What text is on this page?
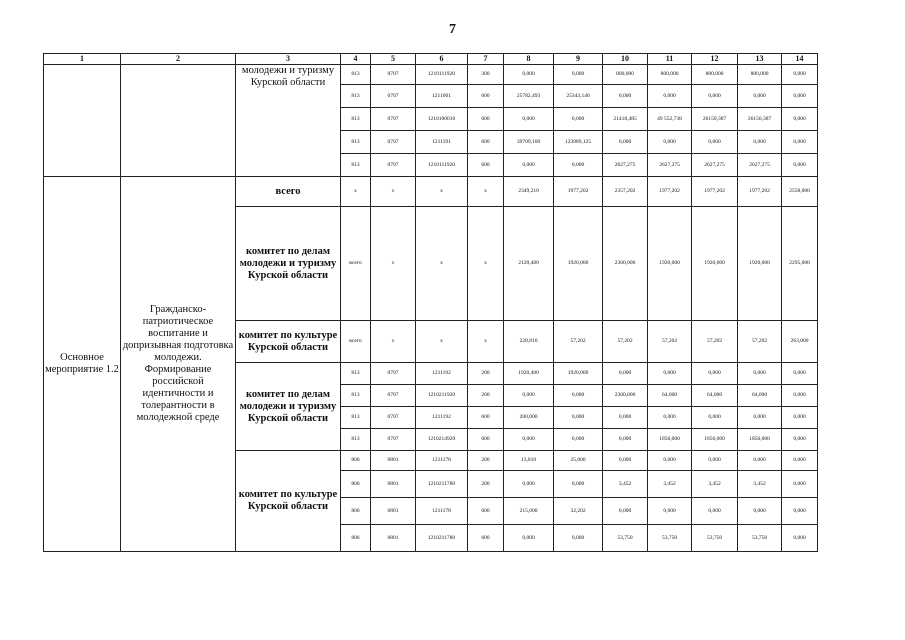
7
1	2	3	4	5	6	7	8	9	10	11	12	13	14
		молодежи и туризму Курской области	813	0707	1210111920	300	0,000	0,000	800,000	800,000	800,000	800,000	0,000
			813	0707	1211001	600	25782,493	25343,146	0,000	0,000	0,000	0,000	0,000
			813	0707	1210100010	600	0,000	0,000	21418,485	49 552,738	26150,387	26150,387	0,000
			813	0707	1211191	600	39709,100	123989,125	0,000	0,000	0,000	0,000	0,000
			813	0707	1210111920	600	0,000	0,000	2627,275	2627,275	2627,275	2627,275	0,000
Основное мероприятие 1.2	Гражданско-патриотическое воспитание и допризывная подготовка молодежи. Формирование российской идентичности и толерантности в молодежной среде	всего	x	x	x	x	2349,210	1977,202	2357,202	1977,202	1977,202	1977,202	2558,000
		комитет по делам молодежи и туризму Курской области	всего	x	x	x	2120,400	1920,000	2300,000	1920,000	1920,000	1920,000	2295,000
		комитет по культуре Курской области	всего	x	x	x	228,810	57,202	57,202	57,202	57,202	57,202	263,000
		комитет по делам молодежи и туризму Курской области	813	0707	1211192	200	1920,400	1920,000	0,000	0,000	0,000	0,000	0,000
			813	0707	1210211920	200	0,000	0,000	2300,000	64,000	64,000	64,000	0,000
			813	0707	1211192	600	200,000	0,000	0,000	0,000	0,000	0,000	0,000
			813	0707	1210214920	600	0,000	0,000	0,000	1856,000	1856,000	1856,000	0,000
		комитет по культуре Курской области	806	0801	1211178	200	13,810	25,000	0,000	0,000	0,000	0,000	0,000
			806	0801	1210211780	200	0,000	0,000	3,452	3,452	3,452	3,452	0,000
			806	0801	1211178	600	215,000	32,202	0,000	0,000	0,000	0,000	0,000
			806	0801	1210211780	600	0,000	0,000	53,750	53,750	53,750	53,750	0,000
